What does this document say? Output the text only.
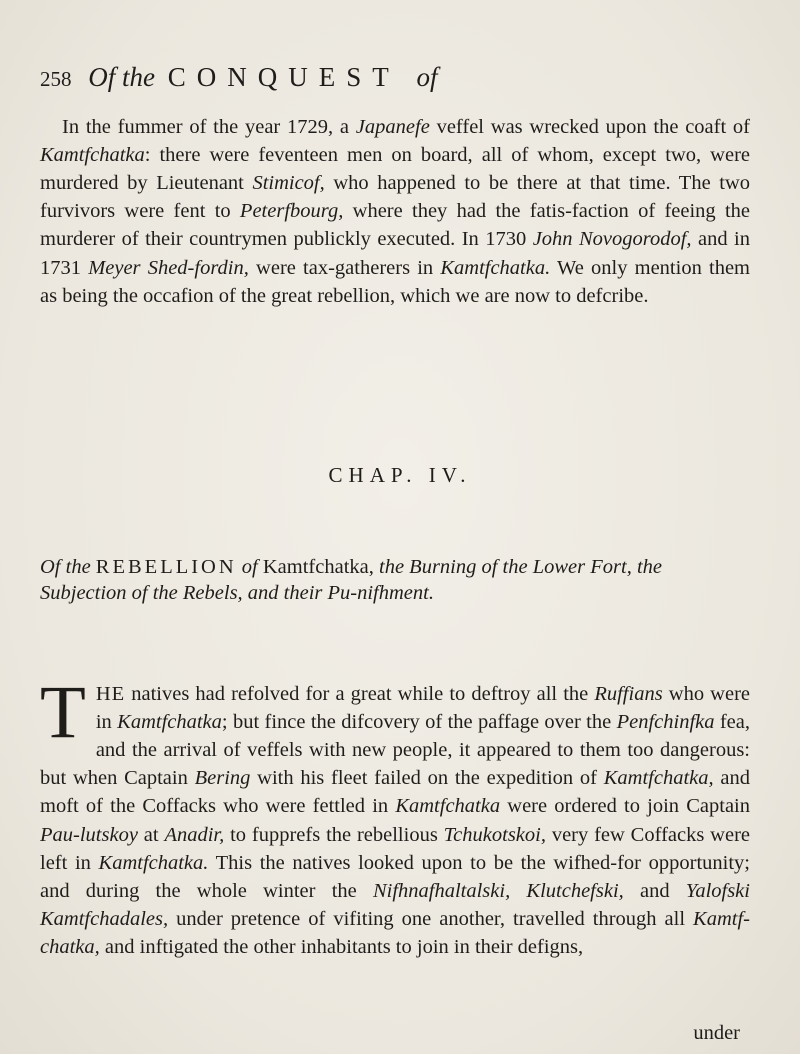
258 Of the CONQUEST of

In the fummer of the year 1729, a Japanefe veffel was wrecked upon the coaft of Kamtfchatka: there were feventeen men on board, all of whom, except two, were murdered by Lieutenant Stimicof, who happened to be there at that time. The two furvivors were fent to Peterfbourg, where they had the fatis-faction of feeing the murderer of their countrymen publickly executed. In 1730 John Novogorodof, and in 1731 Meyer Shed-fordin, were tax-gatherers in Kamtfchatka. We only mention them as being the occafion of the great rebellion, which we are now to defcribe.

CHAP. IV.
Of the REBELLION of Kamtfchatka, the Burning of the Lower Fort, the Subjection of the Rebels, and their Pu-nifhment.

THE natives had refolved for a great while to deftroy all the Ruffians who were in Kamtfchatka; but fince the difcovery of the paffage over the Penfchinfka fea, and the arrival of veffels with new people, it appeared to them too dangerous: but when Captain Bering with his fleet failed on the expedition of Kamtfchatka, and moft of the Coffacks who were fettled in Kamtfchatka were ordered to join Captain Pau-lutskoy at Anadir, to fupprefs the rebellious Tchukotskoi, very few Coffacks were left in Kamtfchatka. This the natives looked upon to be the wifhed-for opportunity; and during the whole winter the Nifhnafhaltalski, Klutchefski, and Yalofski Kamtfchadales, under pretence of vifiting one another, travelled through all Kamtf-chatka, and inftigated the other inhabitants to join in their defigns,

under
